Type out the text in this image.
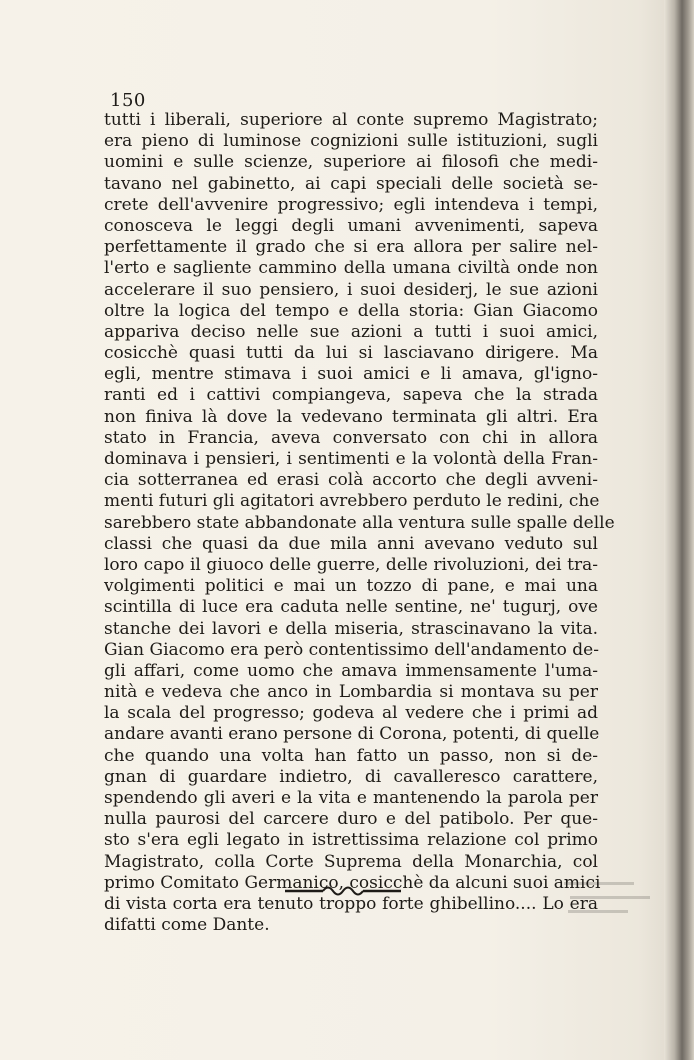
150
tutti i liberali, superiore al conte supremo Magistrato;
era pieno di luminose cognizioni sulle istituzioni, sugli
uomini e sulle scienze, superiore ai filosofi che medi-
tavano nel gabinetto, ai capi speciali delle società se-
crete dell'avvenire progressivo; egli intendeva i tempi,
conosceva le leggi degli umani avvenimenti, sapeva
perfettamente il grado che si era allora per salire nel-
l'erto e sagliente cammino della umana civiltà onde non
accelerare il suo pensiero, i suoi desiderj, le sue azioni
oltre la logica del tempo e della storia: Gian Giacomo
appariva deciso nelle sue azioni a tutti i suoi amici,
cosicchè quasi tutti da lui si lasciavano dirigere. Ma
egli, mentre stimava i suoi amici e li amava, gl'igno-
ranti ed i cattivi compiangeva, sapeva che la strada
non finiva là dove la vedevano terminata gli altri. Era
stato in Francia, aveva conversato con chi in allora
dominava i pensieri, i sentimenti e la volontà della Fran-
cia sotterranea ed erasi colà accorto che degli avveni-
menti futuri gli agitatori avrebbero perduto le redini, che
sarebbero state abbandonate alla ventura sulle spalle delle
classi che quasi da due mila anni avevano veduto sul
loro capo il giuoco delle guerre, delle rivoluzioni, dei tra-
volgimenti politici e mai un tozzo di pane, e mai una
scintilla di luce era caduta nelle sentine, ne' tugurj, ove
stanche dei lavori e della miseria, strascinavano la vita.
Gian Giacomo era però contentissimo dell'andamento de-
gli affari, come uomo che amava immensamente l'uma-
nità e vedeva che anco in Lombardia si montava su per
la scala del progresso; godeva al vedere che i primi ad
andare avanti erano persone di Corona, potenti, di quelle
che quando una volta han fatto un passo, non si de-
gnan di guardare indietro, di cavalleresco carattere,
spendendo gli averi e la vita e mantenendo la parola per
nulla paurosi del carcere duro e del patibolo. Per que-
sto s'era egli legato in istrettissima relazione col primo
Magistrato, colla Corte Suprema della Monarchia, col
primo Comitato Germanico, cosicchè da alcuni suoi amici
di vista corta era tenuto troppo forte ghibellino.... Lo era
difatti come Dante.
